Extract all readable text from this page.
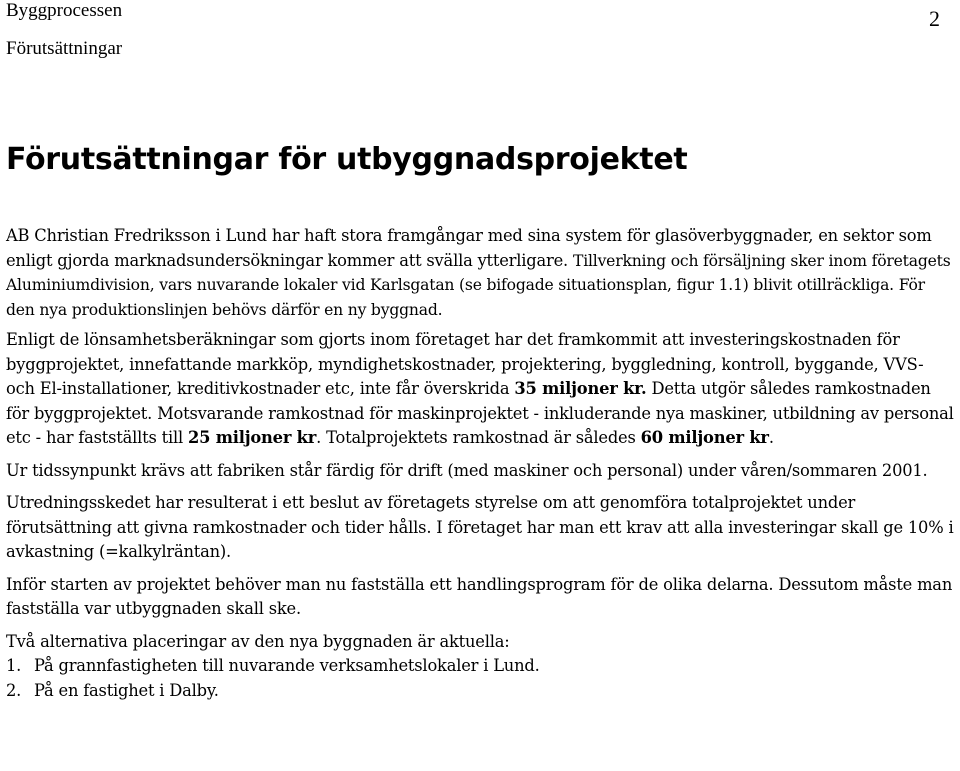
Byggprocessen
Förutsättningar
2
Förutsättningar för utbyggnadsprojektet

AB Christian Fredriksson i Lund har haft stora framgångar med sina system för glasöverbyggnader, en sektor som enligt gjorda marknadsundersökningar kommer att svälla ytterligare. Tillverkning och försäljning sker inom företagets Aluminiumdivision, vars nuvarande lokaler vid Karlsgatan (se bifogade situationsplan, figur 1.1) blivit otillräckliga. För den nya produktionslinjen behövs därför en ny byggnad.

Enligt de lönsamhetsberäkningar som gjorts inom företaget har det framkommit att investeringskostnaden för byggprojektet, innefattande markköp, myndighetskostnader, projektering, byggledning, kontroll, byggande, VVS- och El-installationer, kreditivkostnader etc, inte får överskrida 35 miljoner kr. Detta utgör således ramkostnaden för byggprojektet. Motsvarande ramkostnad för maskinprojektet - inkluderande nya maskiner, utbildning av personal etc - har fastställts till 25 miljoner kr. Totalprojektets ramkostnad är således 60 miljoner kr.

Ur tidssynpunkt krävs att fabriken står färdig för drift (med maskiner och personal) under våren/sommaren 2001.

Utredningsskedet har resulterat i ett beslut av företagets styrelse om att genomföra totalprojektet under förutsättning att givna ramkostnader och tider hålls. I företaget har man ett krav att alla investeringar skall ge 10% i avkastning (=kalkylräntan).

Inför starten av projektet behöver man nu fastställa ett handlingsprogram för de olika delarna. Dessutom måste man fastställa var utbyggnaden skall ske.

Två alternativa placeringar av den nya byggnaden är aktuella:

1. På grannfastigheten till nuvarande verksamhetslokaler i Lund.
2. På en fastighet i Dalby.
